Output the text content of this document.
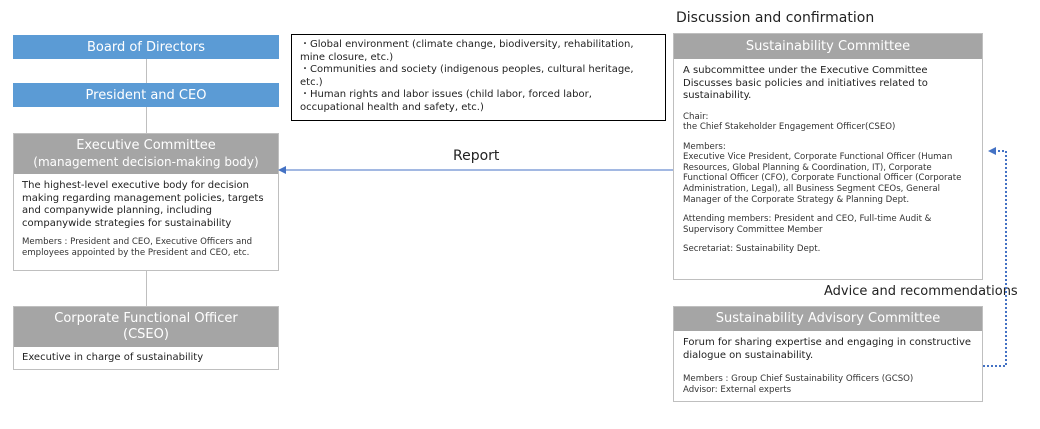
Board of Directors
President and CEO
Executive Committee
(management decision-making body)
The highest-level executive body for decision making regarding management policies, targets and companywide planning, including companywide strategies for sustainability
Members : President and CEO, Executive Officers and employees appointed by the President and CEO, etc.
Corporate Functional Officer
(CSEO)
Executive in charge of sustainability
・Global environment (climate change, biodiversity, rehabilitation, mine closure, etc.)
・Communities and society (indigenous peoples, cultural heritage, etc.)
・Human rights and labor issues (child labor, forced labor, occupational health and safety, etc.)
Discussion and confirmation
Report
Advice and recommendations
Sustainability Committee
A subcommittee under the Executive Committee
Discusses basic policies and initiatives related to sustainability.
Chair:
the Chief Stakeholder Engagement Officer(CSEO)
Members:
Executive Vice President, Corporate Functional Officer (Human Resources, Global Planning & Coordination, IT), Corporate Functional Officer (CFO), Corporate Functional Officer (Corporate Administration, Legal), all Business Segment CEOs, General Manager of the Corporate Strategy & Planning Dept.
Attending members: President and CEO, Full-time Audit & Supervisory Committee Member
Secretariat: Sustainability Dept.
Sustainability Advisory Committee
Forum for sharing expertise and engaging in constructive dialogue on sustainability.
Members : Group Chief Sustainability Officers (GCSO)
Advisor: External experts
